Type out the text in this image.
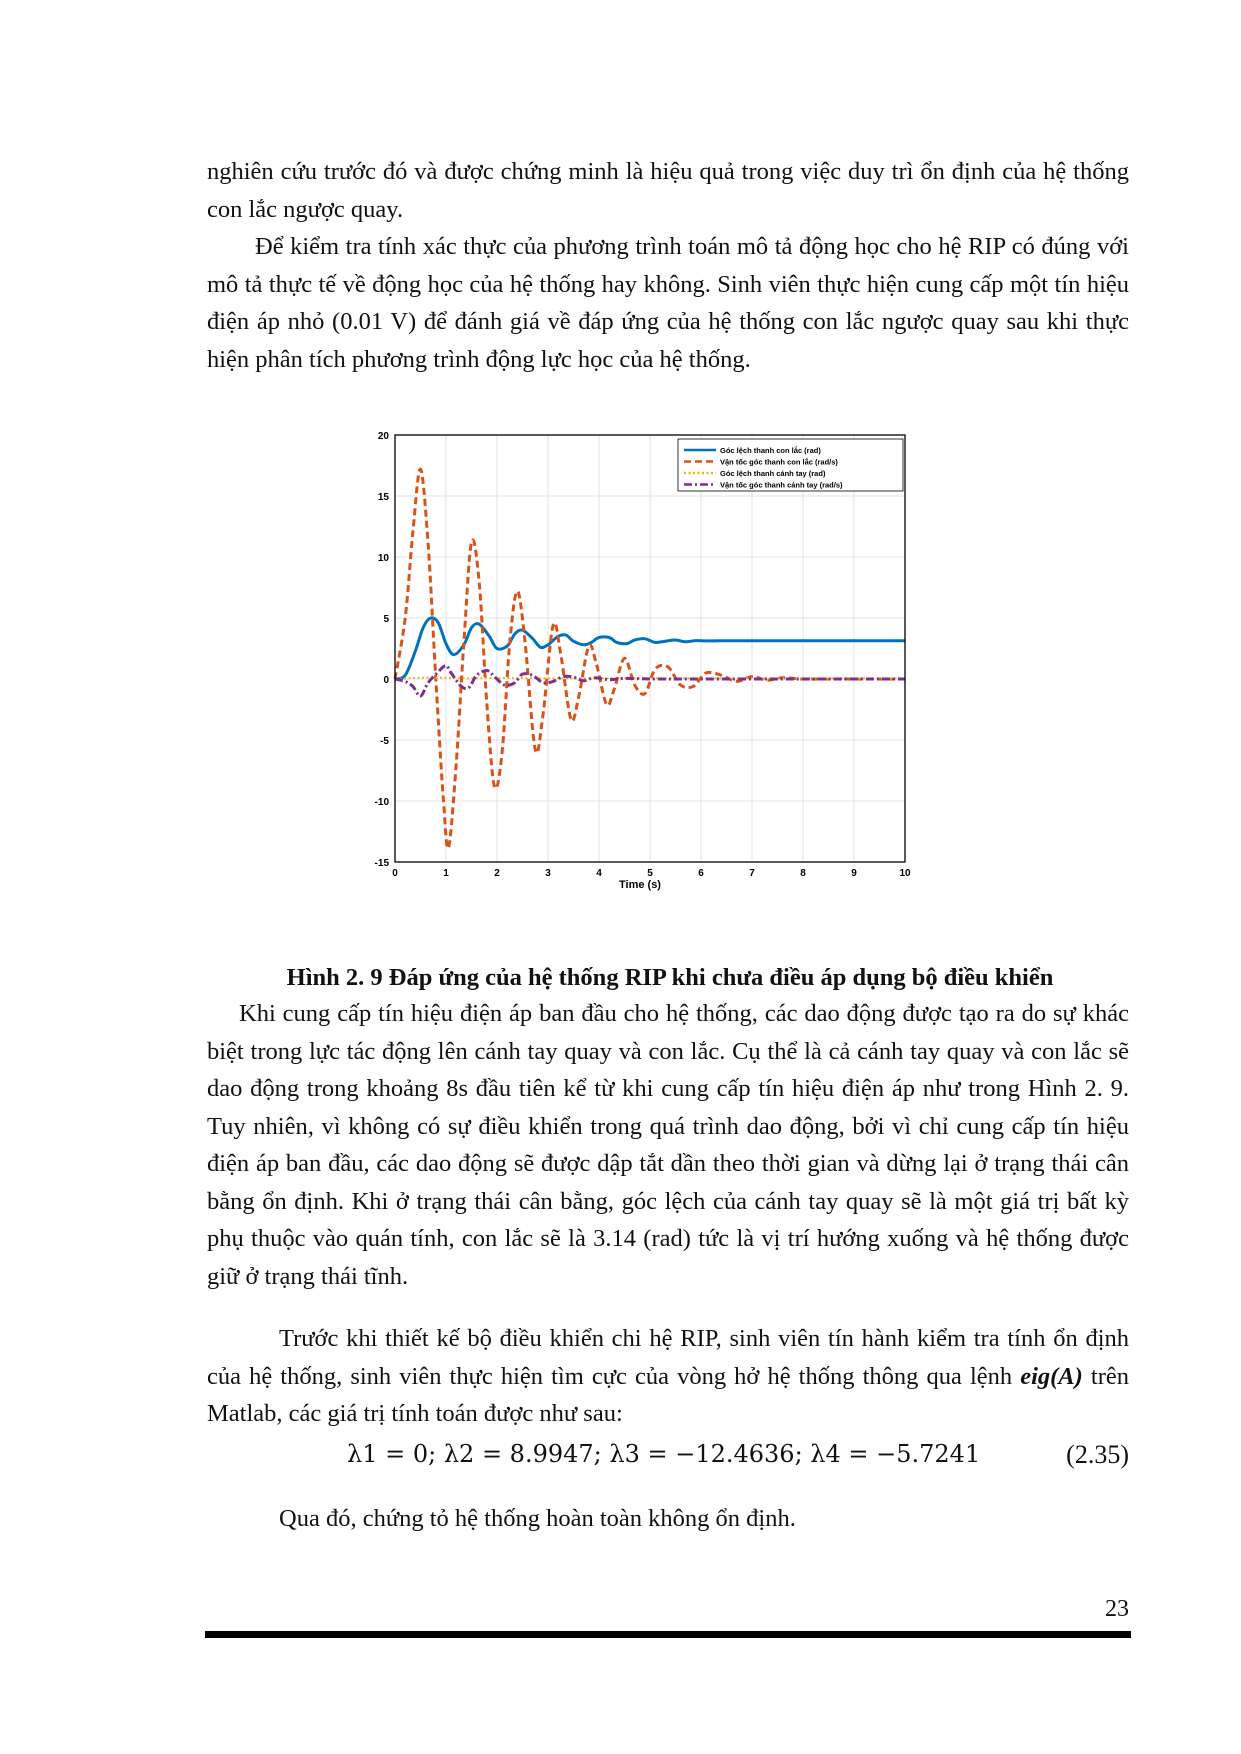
nghiên cứu trước đó và được chứng minh là hiệu quả trong việc duy trì ổn định của hệ thống con lắc ngược quay.

Để kiểm tra tính xác thực của phương trình toán mô tả động học cho hệ RIP có đúng với mô tả thực tế về động học của hệ thống hay không. Sinh viên thực hiện cung cấp một tín hiệu điện áp nhỏ (0.01 V) để đánh giá về đáp ứng của hệ thống con lắc ngược quay sau khi thực hiện phân tích phương trình động lực học của hệ thống.

0	1	2	3	4	5	6	7	8	9	10
-15
-10
-5
0
5
10
15
20
Góc lệch thanh con lắc (rad)
Vận tốc góc thanh con lắc (rad/s)
Góc lệch thanh cánh tay (rad)
Vận tốc góc thanh cánh tay (rad/s)
Time (s)

Hình 2. 9 Đáp ứng của hệ thống RIP khi chưa điều áp dụng bộ điều khiển

Khi cung cấp tín hiệu điện áp ban đầu cho hệ thống, các dao động được tạo ra do sự khác biệt trong lực tác động lên cánh tay quay và con lắc. Cụ thể là cả cánh tay quay và con lắc sẽ dao động trong khoảng 8s đầu tiên kể từ khi cung cấp tín hiệu điện áp như trong Hình 2. 9. Tuy nhiên, vì không có sự điều khiển trong quá trình dao động, bởi vì chỉ cung cấp tín hiệu điện áp ban đầu, các dao động sẽ được dập tắt dần theo thời gian và dừng lại ở trạng thái cân bằng ổn định. Khi ở trạng thái cân bằng, góc lệch của cánh tay quay sẽ là một giá trị bất kỳ phụ thuộc vào quán tính, con lắc sẽ là 3.14 (rad) tức là vị trí hướng xuống và hệ thống được giữ ở trạng thái tĩnh.

Trước khi thiết kế bộ điều khiển chi hệ RIP, sinh viên tín hành kiểm tra tính ổn định của hệ thống, sinh viên thực hiện tìm cực của vòng hở hệ thống thông qua lệnh eig(A) trên Matlab, các giá trị tính toán được như sau:

λ1 = 0; λ2 = 8.9947; λ3 = −12.4636; λ4 = −5.7241	(2.35)

Qua đó, chứng tỏ hệ thống hoàn toàn không ổn định.

23
